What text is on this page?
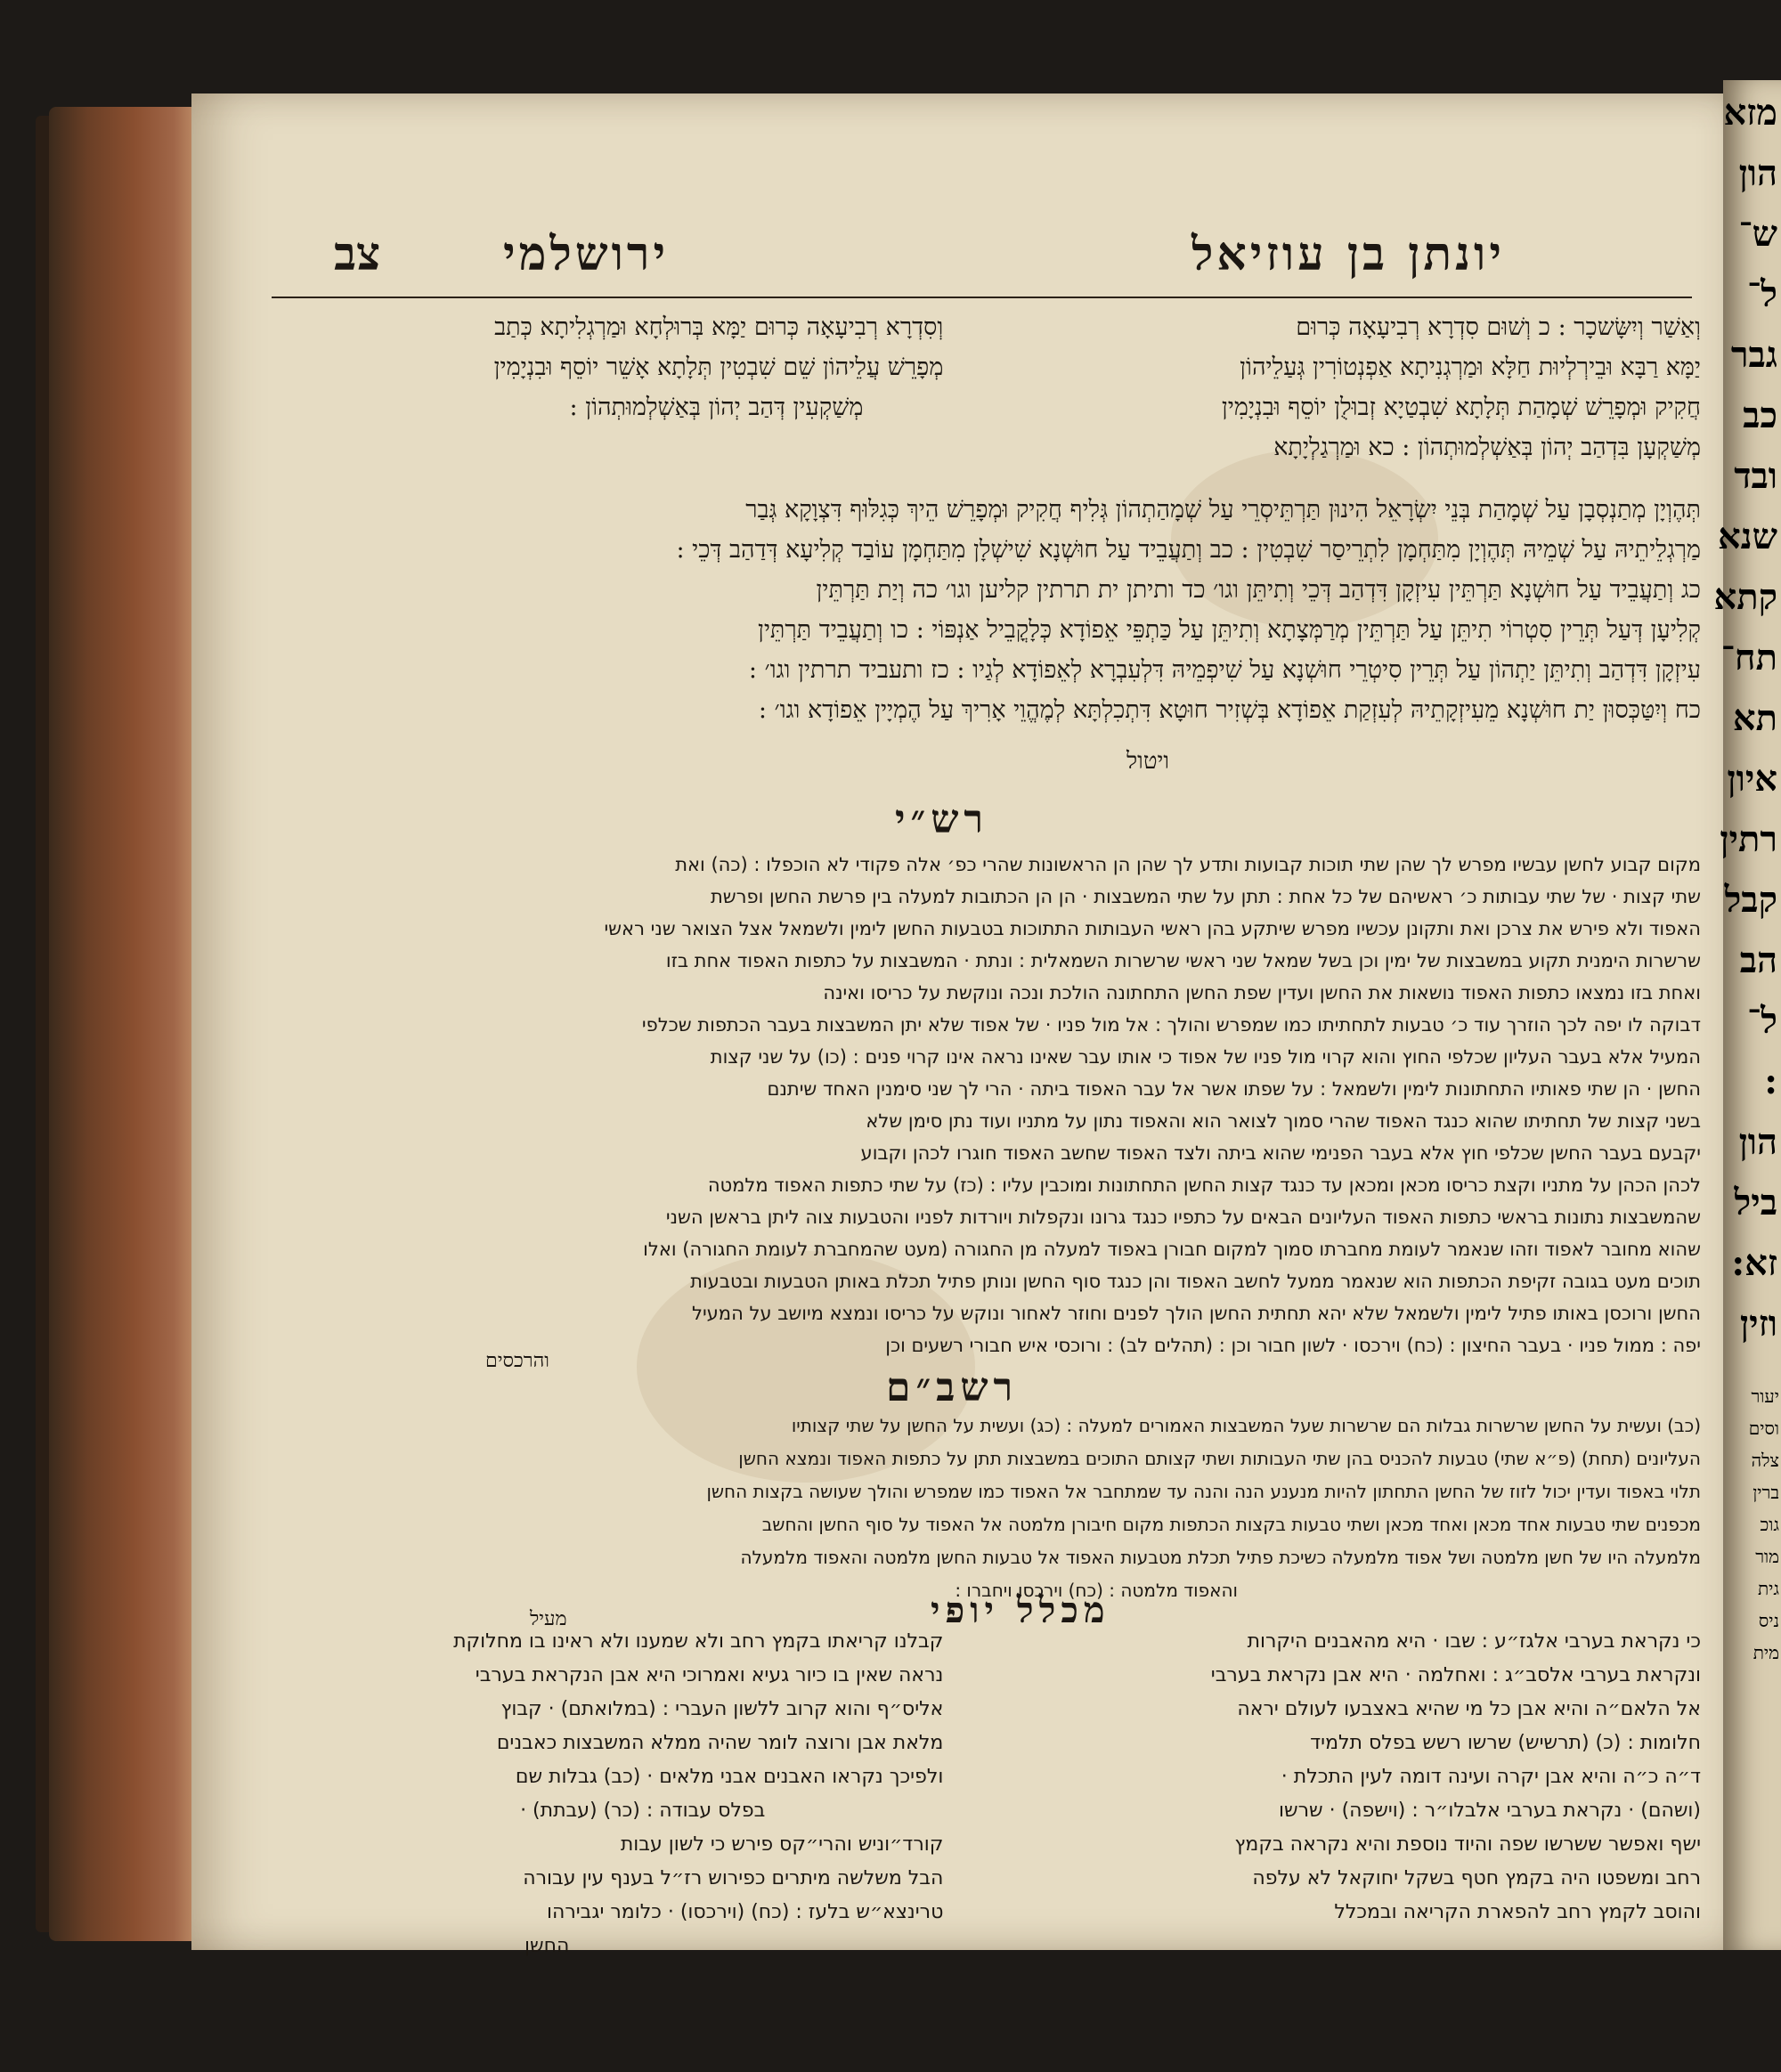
יונתן בן עוזיאל
ירושלמי
צב
וְאַשַׁר וְיִשָּׂשכָר : כ וְשׁוּם סִדְרָא רְבִיעָאָה כְּרוּם
יַמָּא רַבָּא וּבֵירְלְיוּת חַלָּא וּמַרְגְנִיתָא אַפְנְטוֹרִין גְּעַלֵיהוֹן
חֲקִיק וּמְפָרֵשׁ שְׁמָהַת תְּלָתָא שִׁבְטַיָא זְבוּלֻן יוֹסֵף וּבִנְיָמִין
מְשַׁקְעָן בִּדְהַב יְהוֹן בְּאַשְׁלְמוּתְהוֹן : כא וּמַרְגַלְיָתָא
וְסִדְרָא רְבִיעָאָה כְּרוּם יַמָּא בְּרוּלְחָא וּמַרְגְלִיתָא כְּתַב
מְפָרֵשׁ עֲלֵיהוֹן שֵׁם שִׁבְטִין תְּלָתָא אָשֵׁר יוֹסֵף וּבִנְיָמִין
מְשַׁקְעִין דְּהַב יְהוֹן בְּאַשְׁלְמוּתְהוֹן :
תְּהֶוְיָן מְתַנְסְבָן עַל שְׁמָהַת בְּנֵי יִשְׂרָאֵל הִינוּן תַּרְתֵּיסְרֵי עַל שְׁמָהַתְהוֹן גְּלִיף חֲקִיק וּמְפָרֵשׁ הֵיךְ כְּגִלּוּף דִּצְוָקָא גְּבַר
מַרְגְלֵיתֵיהּ עַל שְׁמֵיהּ תְּהֶוְיָן מִתַּחְמָן לִתְרֵיסַר שִׁבְטִין : כב וְתַעֲבֵיד עַל חוּשְׁנָא שִׁישְׁלָן מִתַּחְמָן עוֹבַד קְלִיעָא דְּדַהַב דְּכֵי :
כג וְתַעֲבֵיד עַל חוּשְׁנָא תַּרְתֵּין עִיזְקָן דִּדְהַב דְּכֵי וְתִיתֵּן וגו׳ כד ותיתן ית תרתין קליען וגו׳ כה וְיַת תַּרְתֵּין
קְלִיעָן דְּעַל תְּרֵין סִטְרוֹי תִיתֵּן עַל תַּרְתֵּין מְרַמְּצָתָא וְתִיתֵּן עַל כַּתְפֵּי אֵפוֹדָא כְּלָקֳבֵיל אַנְפּוֹי : כו וְתַעֲבֵיד תַּרְתֵּין
עִיזְקָן דִּדְהַב וְתִיתֵּן יַתְהוֹן עַל תְּרֵין סִיטְרֵי חוּשְׁנָא עַל שִׁיפְמֵיהּ דִּלְעִבְרָא לְאֵפוֹדָא לְגַיו : כז ותעביד תרתין וגו׳ :
כח וְיִטַּכְּסוּן יַת חוּשְׁנָא מֵעִיזְקָתֵיהּ לְעִזְקַת אֵפוֹדָא בְּשְׁזִיר חוּטָא דִּתְכִלְתָּא לְמֶהֱוֵי אָרִיךְ עַל הֶמְיָין אֵפוֹדָא וגו׳ :
ויטול
רש״י
מקום קבוע לחשן עבשיו מפרש לך שהן שתי תוכות קבועות ותדע לך שהן הן הראשונות שהרי כפ׳ אלה פקודי לא הוכפלו : (כה) ואת
שתי קצות · של שתי עבותות כ׳ ראשיהם של כל אחת : תתן על שתי המשבצות · הן הן הכתובות למעלה בין פרשת החשן ופרשת
האפוד ולא פירש את צרכן ואת ותקונן עכשיו מפרש שיתקע בהן ראשי העבותות התתוכות בטבעות החשן לימין ולשמאל אצל הצואר שני ראשי
שרשרות הימנית תקוע במשבצות של ימין וכן בשל שמאל שני ראשי שרשרות השמאלית : ונתת · המשבצות על כתפות האפוד אחת בזו
ואחת בזו נמצאו כתפות האפוד נושאות את החשן ועדין שפת החשן התחתונה הולכת ונכה ונוקשת על כריסו ואינה
דבוקה לו יפה לכך הוזרך עוד כ׳ טבעות לתחתיתו כמו שמפרש והולך : אל מול פניו · של אפוד שלא יתן המשבצות בעבר הכתפות שכלפי
המעיל אלא בעבר העליון שכלפי החוץ והוא קרוי מול פניו של אפוד כי אותו עבר שאינו נראה אינו קרוי פנים : (כו) על שני קצות
החשן · הן שתי פאותיו התחתונות לימין ולשמאל : על שפתו אשר אל עבר האפוד ביתה · הרי לך שני סימנין האחד שיתנם
בשני קצות של תחתיתו שהוא כנגד האפוד שהרי סמוך לצואר הוא והאפוד נתון על מתניו ועוד נתן סימן שלא
יקבעם בעבר החשן שכלפי חוץ אלא בעבר הפנימי שהוא ביתה ולצד האפוד שחשב האפוד חוגרו לכהן וקבוע
לכהן הכהן על מתניו וקצת כריסו מכאן ומכאן עד כנגד קצות החשן התחתונות ומוכבין עליו : (כז) על שתי כתפות האפוד מלמטה
שהמשבצות נתונות בראשי כתפות האפוד העליונים הבאים על כתפיו כנגד גרונו ונקפלות ויורדות לפניו והטבעות צוה ליתן בראשן השני
שהוא מחובר לאפוד וזהו שנאמר לעומת מחברתו סמוך למקום חבורן באפוד למעלה מן החגורה (מעט שהמחברת לעומת החגורה) ואלו
תוכים מעט בגובה זקיפת הכתפות הוא שנאמר ממעל לחשב האפוד והן כנגד סוף החשן ונותן פתיל תכלת באותן הטבעות ובטבעות
החשן ורוכסן באותו פתיל לימין ולשמאל שלא יהא תחתית החשן הולך לפנים וחוזר לאחור ונוקש על כריסו ונמצא מיושב על המעיל
יפה : ממול פניו · בעבר החיצון : (כח) וירכסו · לשון חבור וכן : (תהלים לב) : ורוכסי איש חבורי רשעים וכן
והרכסים
רשב״ם
(כב) ועשית על החשן שרשרות גבלות הם שרשרות שעל המשבצות האמורים למעלה : (כג) ועשית על החשן על שתי קצותיו
העליונים (תחת) (פ״א שתי) טבעות להכניס בהן שתי העבותות ושתי קצותם התוכים במשבצות תתן על כתפות האפוד ונמצא החשן
תלוי באפוד ועדין יכול לזוז של החשן התחתון להיות מנענע הנה והנה עד שמתחבר אל האפוד כמו שמפרש והולך שעושה בקצות החשן
מכפנים שתי טבעות אחד מכאן ואחד מכאן ושתי טבעות בקצות הכתפות מקום חיבורן מלמטה אל האפוד על סוף החשן והחשב
מלמעלה היו של חשן מלמטה ושל אפוד מלמעלה כשיכת פתיל תכלת מטבעות האפוד אל טבעות החשן מלמטה והאפוד מלמעלה
והאפוד מלמטה : (כח) וירכסו ויחברו :
מעיל	מכלל יופי
כי נקראת בערבי אלגז״ע : שבו · היא מהאבנים היקרות
ונקראת בערבי אלסב״ג : ואחלמה · היא אבן נקראת בערבי
אל הלאם״ה והיא אבן כל מי שהיא באצבעו לעולם יראה
חלומות : (כ) (תרשיש) שרשו רשש בפלס תלמיד
ד״ה כ״ה והיא אבן יקרה ועינה דומה לעין התכלת ·
(ושהם) · נקראת בערבי אלבלו״ר : (וישפה) · שרשו
ישף ואפשר ששרשו שפה והיוד נוספת והיא נקראה בקמץ
רחב ומשפטו היה בקמץ חטף בשקל יחוקאל לא עלפה
והוסב לקמץ רחב להפארת הקריאה ובמכלל
קבלנו קריאתו בקמץ רחב ולא שמענו ולא ראינו בו מחלוקת
נראה שאין בו כיור געיא ואמרוכי היא אבן הנקראת בערבי
אליס״ף והוא קרוב ללשון העברי : (במלואתם) · קבוץ
מלאת אבן ורוצה לומר שהיה ממלא המשבצות כאבנים
ולפיכך נקראו האבנים אבני מלאים · (כב) גבלות שם
בפלס עבודה : (כר) (עבתת) ·
קורד״וניש והרי״קס פירש כי לשון עבות
הבל משלשה מיתרים כפירוש רז״ל בענף עין עבורה
טרינצא״ש בלעז : (כח) (וירכסו) · כלומר יגבירהו
החשן
מזא
הון
ש־
ל־
גבר
כב
ובד
שנא
קתא
תח־
תא
איון
רתין
קבל
הב
ל־
:
הון
ביל
זא:
וזין
יעור
וסים
צלה
ברין
גוכ
מור
גית
ניס
מית
